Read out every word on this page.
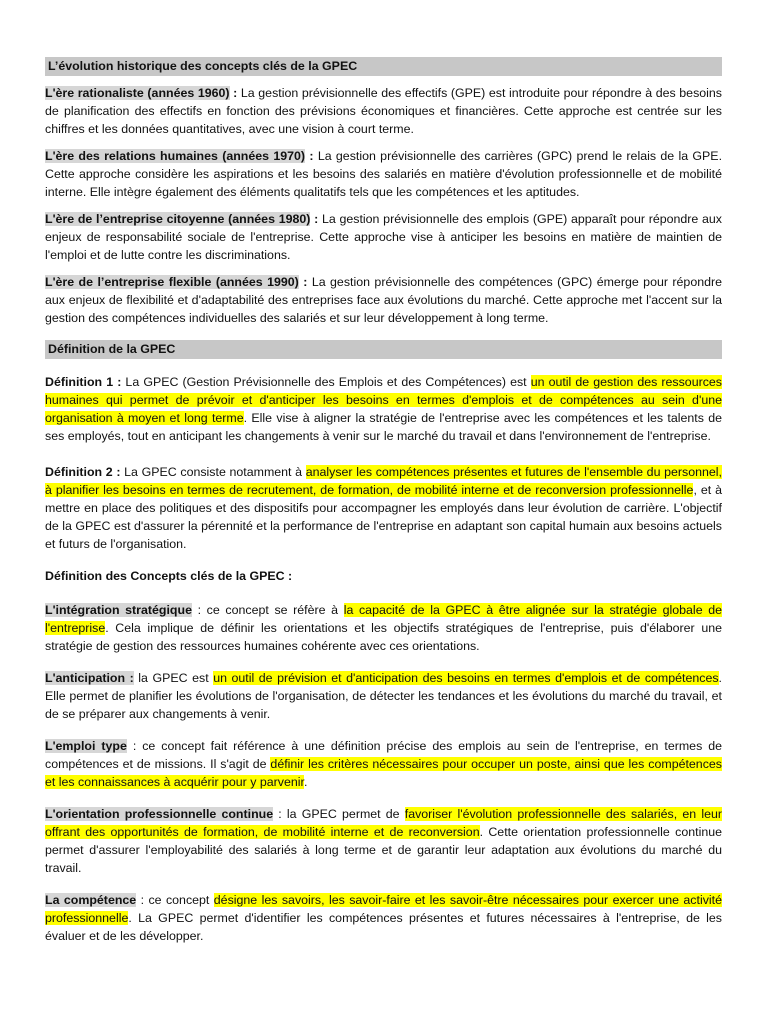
L’évolution historique des concepts clés de la GPEC

L'ère rationaliste (années 1960) : La gestion prévisionnelle des effectifs (GPE) est introduite pour répondre à des besoins de planification des effectifs en fonction des prévisions économiques et financières. Cette approche est centrée sur les chiffres et les données quantitatives, avec une vision à court terme.

L'ère des relations humaines (années 1970) : La gestion prévisionnelle des carrières (GPC) prend le relais de la GPE. Cette approche considère les aspirations et les besoins des salariés en matière d'évolution professionnelle et de mobilité interne. Elle intègre également des éléments qualitatifs tels que les compétences et les aptitudes.

L'ère de l’entreprise citoyenne (années 1980) : La gestion prévisionnelle des emplois (GPE) apparaît pour répondre aux enjeux de responsabilité sociale de l'entreprise. Cette approche vise à anticiper les besoins en matière de maintien de l'emploi et de lutte contre les discriminations.

L'ère de l’entreprise flexible (années 1990) : La gestion prévisionnelle des compétences (GPC) émerge pour répondre aux enjeux de flexibilité et d'adaptabilité des entreprises face aux évolutions du marché. Cette approche met l'accent sur la gestion des compétences individuelles des salariés et sur leur développement à long terme.

Définition de la GPEC

Définition 1 : La GPEC (Gestion Prévisionnelle des Emplois et des Compétences) est un outil de gestion des ressources humaines qui permet de prévoir et d'anticiper les besoins en termes d'emplois et de compétences au sein d'une organisation à moyen et long terme. Elle vise à aligner la stratégie de l'entreprise avec les compétences et les talents de ses employés, tout en anticipant les changements à venir sur le marché du travail et dans l'environnement de l'entreprise.

Définition 2 : La GPEC consiste notamment à analyser les compétences présentes et futures de l'ensemble du personnel, à planifier les besoins en termes de recrutement, de formation, de mobilité interne et de reconversion professionnelle, et à mettre en place des politiques et des dispositifs pour accompagner les employés dans leur évolution de carrière. L'objectif de la GPEC est d'assurer la pérennité et la performance de l'entreprise en adaptant son capital humain aux besoins actuels et futurs de l'organisation.

Définition des Concepts clés de la GPEC :

L'intégration stratégique : ce concept se réfère à la capacité de la GPEC à être alignée sur la stratégie globale de l'entreprise. Cela implique de définir les orientations et les objectifs stratégiques de l'entreprise, puis d'élaborer une stratégie de gestion des ressources humaines cohérente avec ces orientations.

L'anticipation : la GPEC est un outil de prévision et d'anticipation des besoins en termes d'emplois et de compétences. Elle permet de planifier les évolutions de l'organisation, de détecter les tendances et les évolutions du marché du travail, et de se préparer aux changements à venir.

L'emploi type : ce concept fait référence à une définition précise des emplois au sein de l'entreprise, en termes de compétences et de missions. Il s'agit de définir les critères nécessaires pour occuper un poste, ainsi que les compétences et les connaissances à acquérir pour y parvenir.

L'orientation professionnelle continue : la GPEC permet de favoriser l'évolution professionnelle des salariés, en leur offrant des opportunités de formation, de mobilité interne et de reconversion. Cette orientation professionnelle continue permet d'assurer l'employabilité des salariés à long terme et de garantir leur adaptation aux évolutions du marché du travail.

La compétence : ce concept désigne les savoirs, les savoir-faire et les savoir-être nécessaires pour exercer une activité professionnelle. La GPEC permet d'identifier les compétences présentes et futures nécessaires à l'entreprise, de les évaluer et de les développer.
